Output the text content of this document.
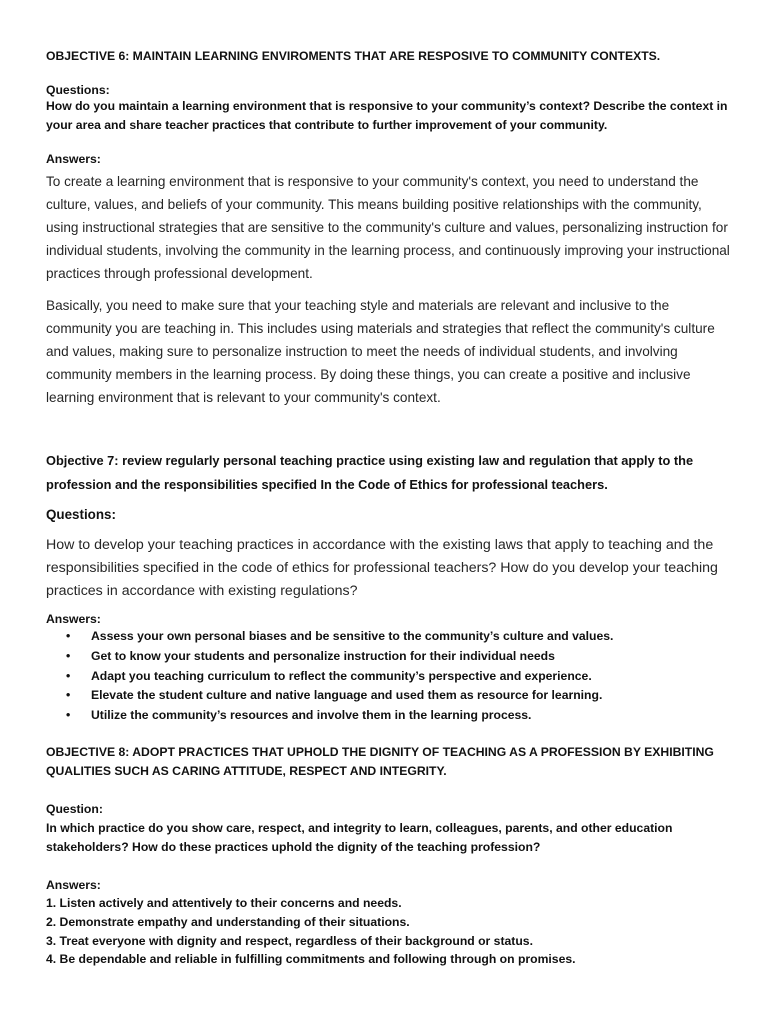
OBJECTIVE 6: MAINTAIN LEARNING ENVIROMENTS THAT ARE RESPOSIVE TO COMMUNITY CONTEXTS.

Questions:

How do you maintain a learning environment that is responsive to your community’s context? Describe the context in your area and share teacher practices that contribute to further improvement of your community.

Answers:

To create a learning environment that is responsive to your community's context, you need to understand the culture, values, and beliefs of your community. This means building positive relationships with the community, using instructional strategies that are sensitive to the community's culture and values, personalizing instruction for individual students, involving the community in the learning process, and continuously improving your instructional practices through professional development.

Basically, you need to make sure that your teaching style and materials are relevant and inclusive to the community you are teaching in. This includes using materials and strategies that reflect the community's culture and values, making sure to personalize instruction to meet the needs of individual students, and involving community members in the learning process. By doing these things, you can create a positive and inclusive learning environment that is relevant to your community's context.

Objective 7: review regularly personal teaching practice using existing law and regulation that apply to the profession and the responsibilities specified In the Code of Ethics for professional teachers.

Questions:

How to develop your teaching practices in accordance with the existing laws that apply to teaching and the responsibilities specified in the code of ethics for professional teachers? How do you develop your teaching practices in accordance with existing regulations?

Answers:

• Assess your own personal biases and be sensitive to the community’s culture and values.
• Get to know your students and personalize instruction for their individual needs
• Adapt you teaching curriculum to reflect the community’s perspective and experience.
• Elevate the student culture and native language and used them as resource for learning.
• Utilize the community’s resources and involve them in the learning process.

OBJECTIVE 8: ADOPT PRACTICES THAT UPHOLD THE DIGNITY OF TEACHING AS A PROFESSION BY EXHIBITING QUALITIES SUCH AS CARING ATTITUDE, RESPECT AND INTEGRITY.

Question:

In which practice do you show care, respect, and integrity to learn, colleagues, parents, and other education stakeholders? How do these practices uphold the dignity of the teaching profession?

Answers:

1. Listen actively and attentively to their concerns and needs.
2. Demonstrate empathy and understanding of their situations.
3. Treat everyone with dignity and respect, regardless of their background or status.
4. Be dependable and reliable in fulfilling commitments and following through on promises.
